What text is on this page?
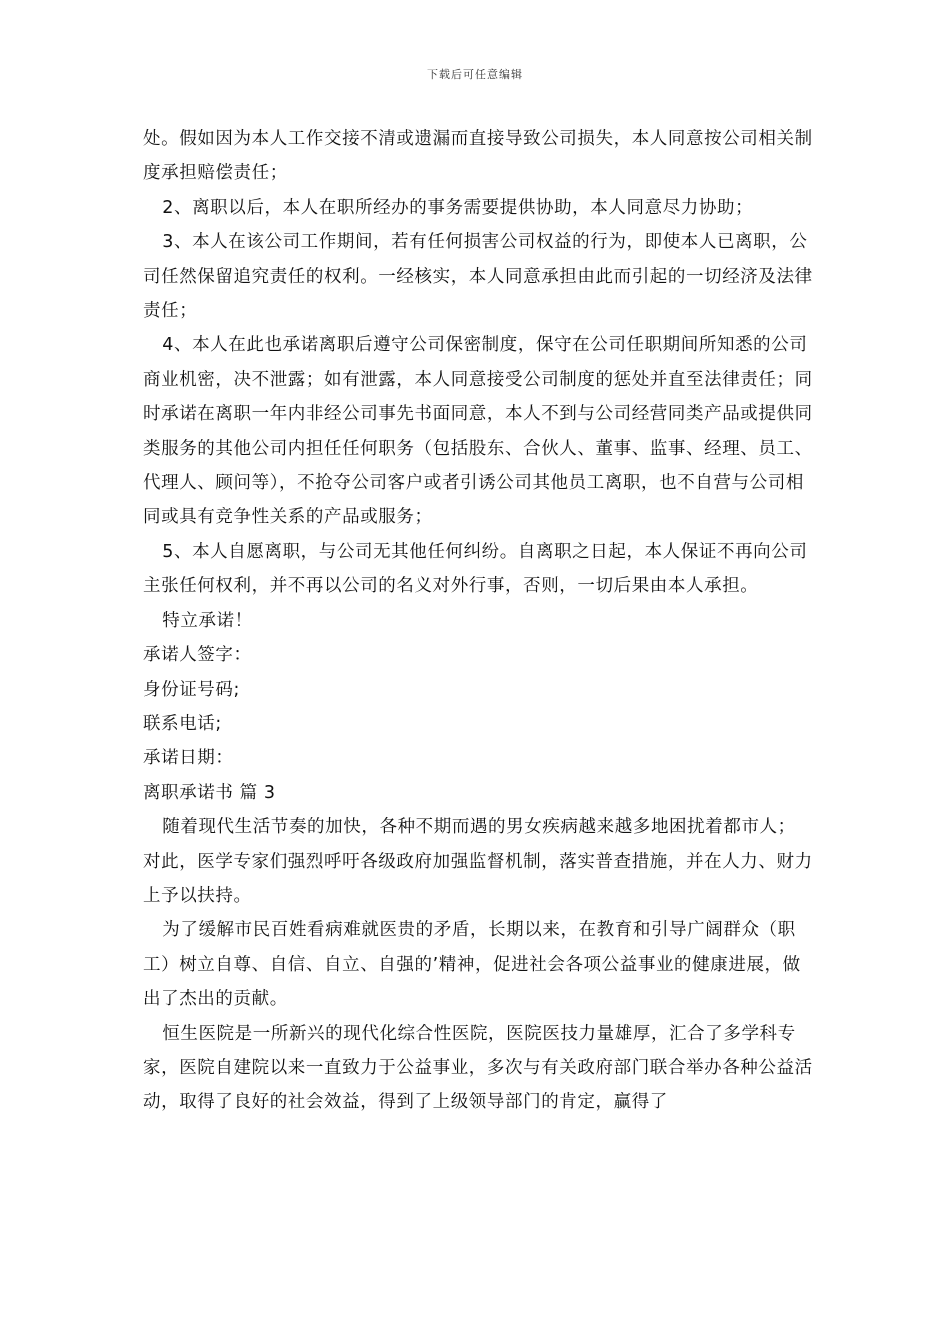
下载后可任意编辑

处。假如因为本人工作交接不清或遗漏而直接导致公司损失，本人同意按公司相关制度承担赔偿责任；

2、离职以后，本人在职所经办的事务需要提供协助，本人同意尽力协助；

3、本人在该公司工作期间，若有任何损害公司权益的行为，即使本人已离职，公司任然保留追究责任的权利。一经核实，本人同意承担由此而引起的一切经济及法律责任；

4、本人在此也承诺离职后遵守公司保密制度，保守在公司任职期间所知悉的公司商业机密，决不泄露；如有泄露，本人同意接受公司制度的惩处并直至法律责任；同时承诺在离职一年内非经公司事先书面同意，本人不到与公司经营同类产品或提供同类服务的其他公司内担任任何职务（包括股东、合伙人、董事、监事、经理、员工、代理人、顾问等），不抢夺公司客户或者引诱公司其他员工离职，也不自营与公司相同或具有竞争性关系的产品或服务；

5、本人自愿离职，与公司无其他任何纠纷。自离职之日起，本人保证不再向公司主张任何权利，并不再以公司的名义对外行事，否则，一切后果由本人承担。

特立承诺！

承诺人签字：

身份证号码;

联系电话;

承诺日期：

离职承诺书 篇 3

随着现代生活节奏的加快，各种不期而遇的男女疾病越来越多地困扰着都市人；对此，医学专家们强烈呼吁各级政府加强监督机制，落实普查措施，并在人力、财力上予以扶持。

为了缓解市民百姓看病难就医贵的矛盾，长期以来，在教育和引导广阔群众（职工）树立自尊、自信、自立、自强的’精神，促进社会各项公益事业的健康进展，做出了杰出的贡献。

恒生医院是一所新兴的现代化综合性医院，医院医技力量雄厚，汇合了多学科专家，医院自建院以来一直致力于公益事业，多次与有关政府部门联合举办各种公益活动，取得了良好的社会效益，得到了上级领导部门的肯定，赢得了
